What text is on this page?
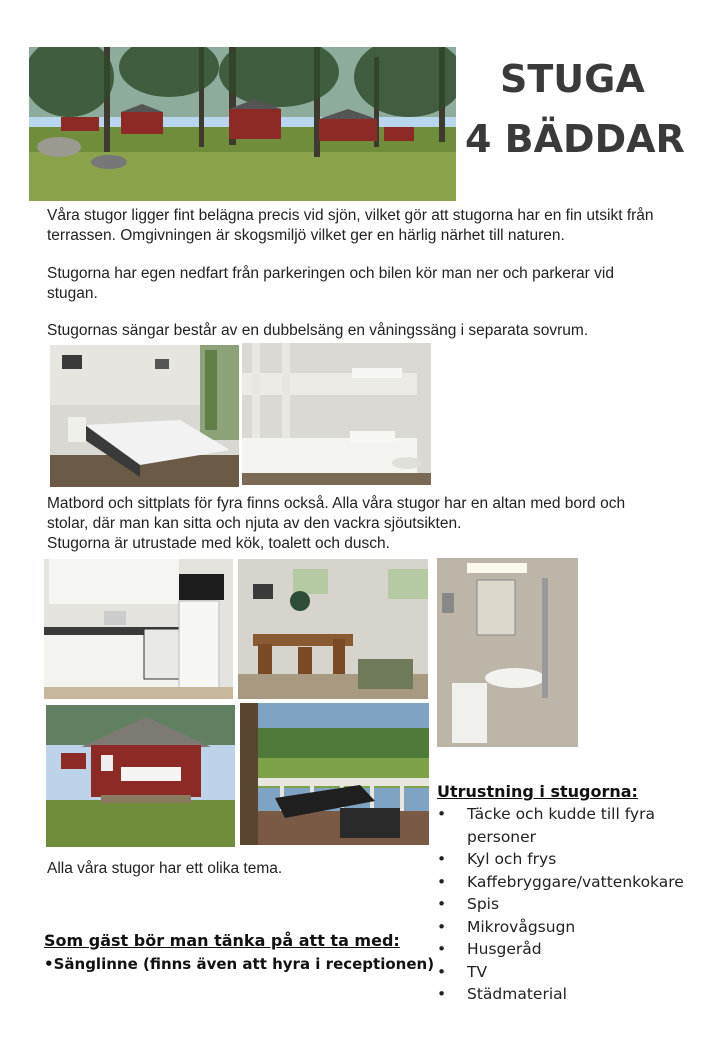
STUGA
4 BÄDDAR
Våra stugor ligger fint belägna precis vid sjön, vilket gör att stugorna har en fin utsikt från
terrassen. Omgivningen är skogsmiljö vilket ger en härlig närhet till naturen.
Stugorna har egen nedfart från parkeringen och bilen kör man ner och parkerar vid
stugan.
Stugornas sängar består av en dubbelsäng en våningssäng i separata sovrum.
Matbord och sittplats för fyra finns också. Alla våra stugor har en altan med bord och
stolar, där man kan sitta och njuta av den vackra sjöutsikten.
Stugorna är utrustade med kök, toalett och dusch.
Alla våra stugor har ett olika tema.
Som gäst bör man tänka på att ta med:
•Sänglinne (finns även att hyra i receptionen)
Utrustning i stugorna:
• Täcke och kudde till fyra personer
• Kyl och frys
• Kaffebryggare/vattenkokare
• Spis
• Mikrovågsugn
• Husgeråd
• TV
• Städmaterial
